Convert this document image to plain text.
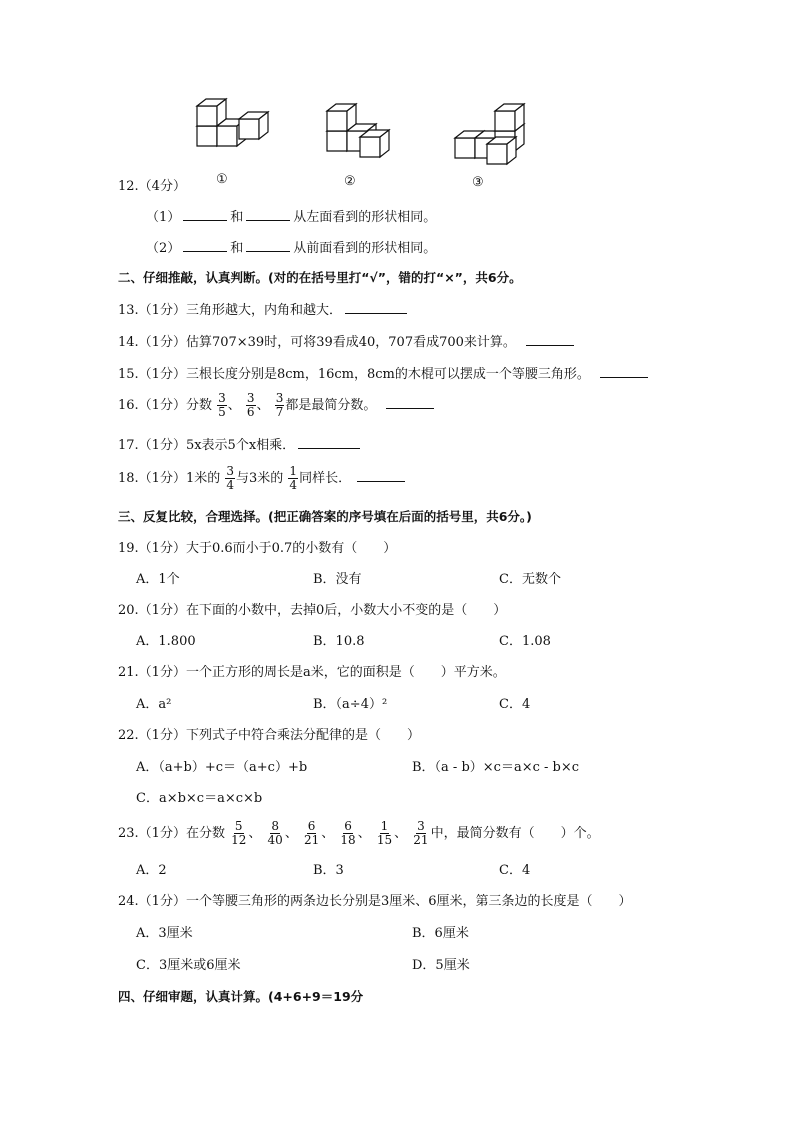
①	②	③
12.（4分）
（1）	和	从左面看到的形状相同。
（2）	和	从前面看到的形状相同。
二、仔细推敲，认真判断。(对的在括号里打“√”，错的打“×”，共6分。
13.（1分）三角形越大，内角和越大．
14.（1分）估算707×39时，可将39看成40，707看成700来计算。
15.（1分）三根长度分别是8cm，16cm，8cm的木棍可以摆成一个等腰三角形。
16.（1分）分数 $\frac{3}{5}$ 、 $\frac{3}{6}$ 、 $\frac{3}{7}$ 都是最简分数。
17.（1分）5x表示5个x相乘．
18.（1分）1米的 $\frac{3}{4}$ 与3米的 $\frac{1}{4}$ 同样长．
三、反复比较，合理选择。(把正确答案的序号填在后面的括号里，共6分。)
19.（1分）大于0.6而小于0.7的小数有（　　）
A．1个	B．没有	C．无数个
20.（1分）在下面的小数中，去掉0后，小数大小不变的是（　　）
A．1.800	B．10.8	C．1.08
21.（1分）一个正方形的周长是a米，它的面积是（　　）平方米。
A．a²	B．（a÷4）²	C．4
22.（1分）下列式子中符合乘法分配律的是（　　）
A．（a+b）+c＝（a+c）+b	B．（a - b）×c＝a×c - b×c
C．a×b×c＝a×c×b
23.（1分）在分数 $\frac{5}{12}$ 、 $\frac{8}{40}$ 、 $\frac{6}{21}$ 、 $\frac{6}{18}$ 、 $\frac{1}{15}$ 、 $\frac{3}{21}$ 中，最简分数有（　　）个。
A．2	B．3	C．4
24.（1分）一个等腰三角形的两条边长分别是3厘米、6厘米，第三条边的长度是（　　）
A．3厘米	B．6厘米
C．3厘米或6厘米	D．5厘米
四、仔细审题，认真计算。(4+6+9＝19分
